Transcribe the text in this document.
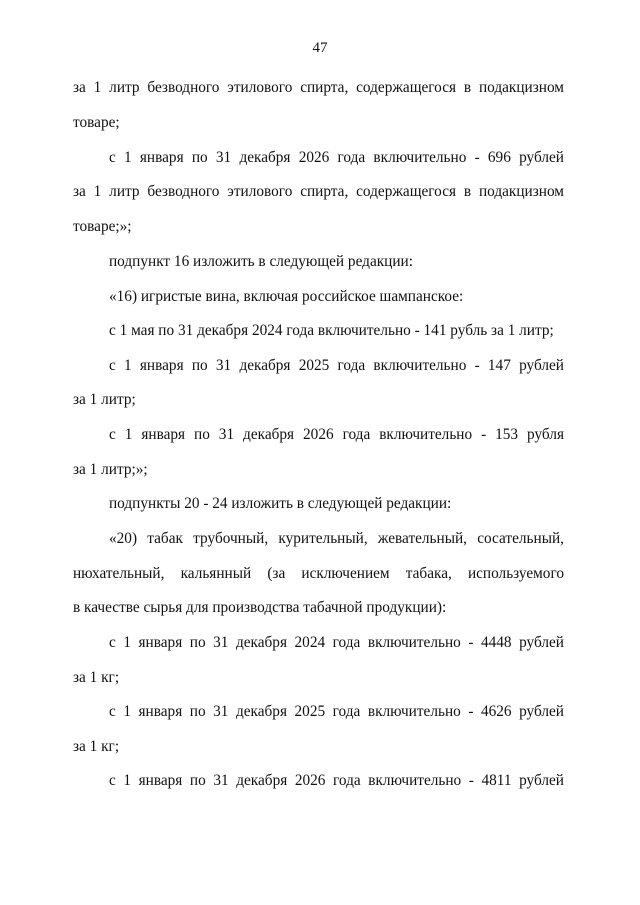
47
за 1 литр безводного этилового спирта, содержащегося в подакцизном
товаре;
с 1 января по 31 декабря 2026 года включительно - 696 рублей
за 1 литр безводного этилового спирта, содержащегося в подакцизном
товаре;»;
подпункт 16 изложить в следующей редакции:
«16) игристые вина, включая российское шампанское:
с 1 мая по 31 декабря 2024 года включительно - 141 рубль за 1 литр;
с 1 января по 31 декабря 2025 года включительно - 147 рублей
за 1 литр;
с 1 января по 31 декабря 2026 года включительно - 153 рубля
за 1 литр;»;
подпункты 20 - 24 изложить в следующей редакции:
«20) табак трубочный, курительный, жевательный, сосательный,
нюхательный, кальянный (за исключением табака, используемого
в качестве сырья для производства табачной продукции):
с 1 января по 31 декабря 2024 года включительно - 4448 рублей
за 1 кг;
с 1 января по 31 декабря 2025 года включительно - 4626 рублей
за 1 кг;
с 1 января по 31 декабря 2026 года включительно - 4811 рублей
